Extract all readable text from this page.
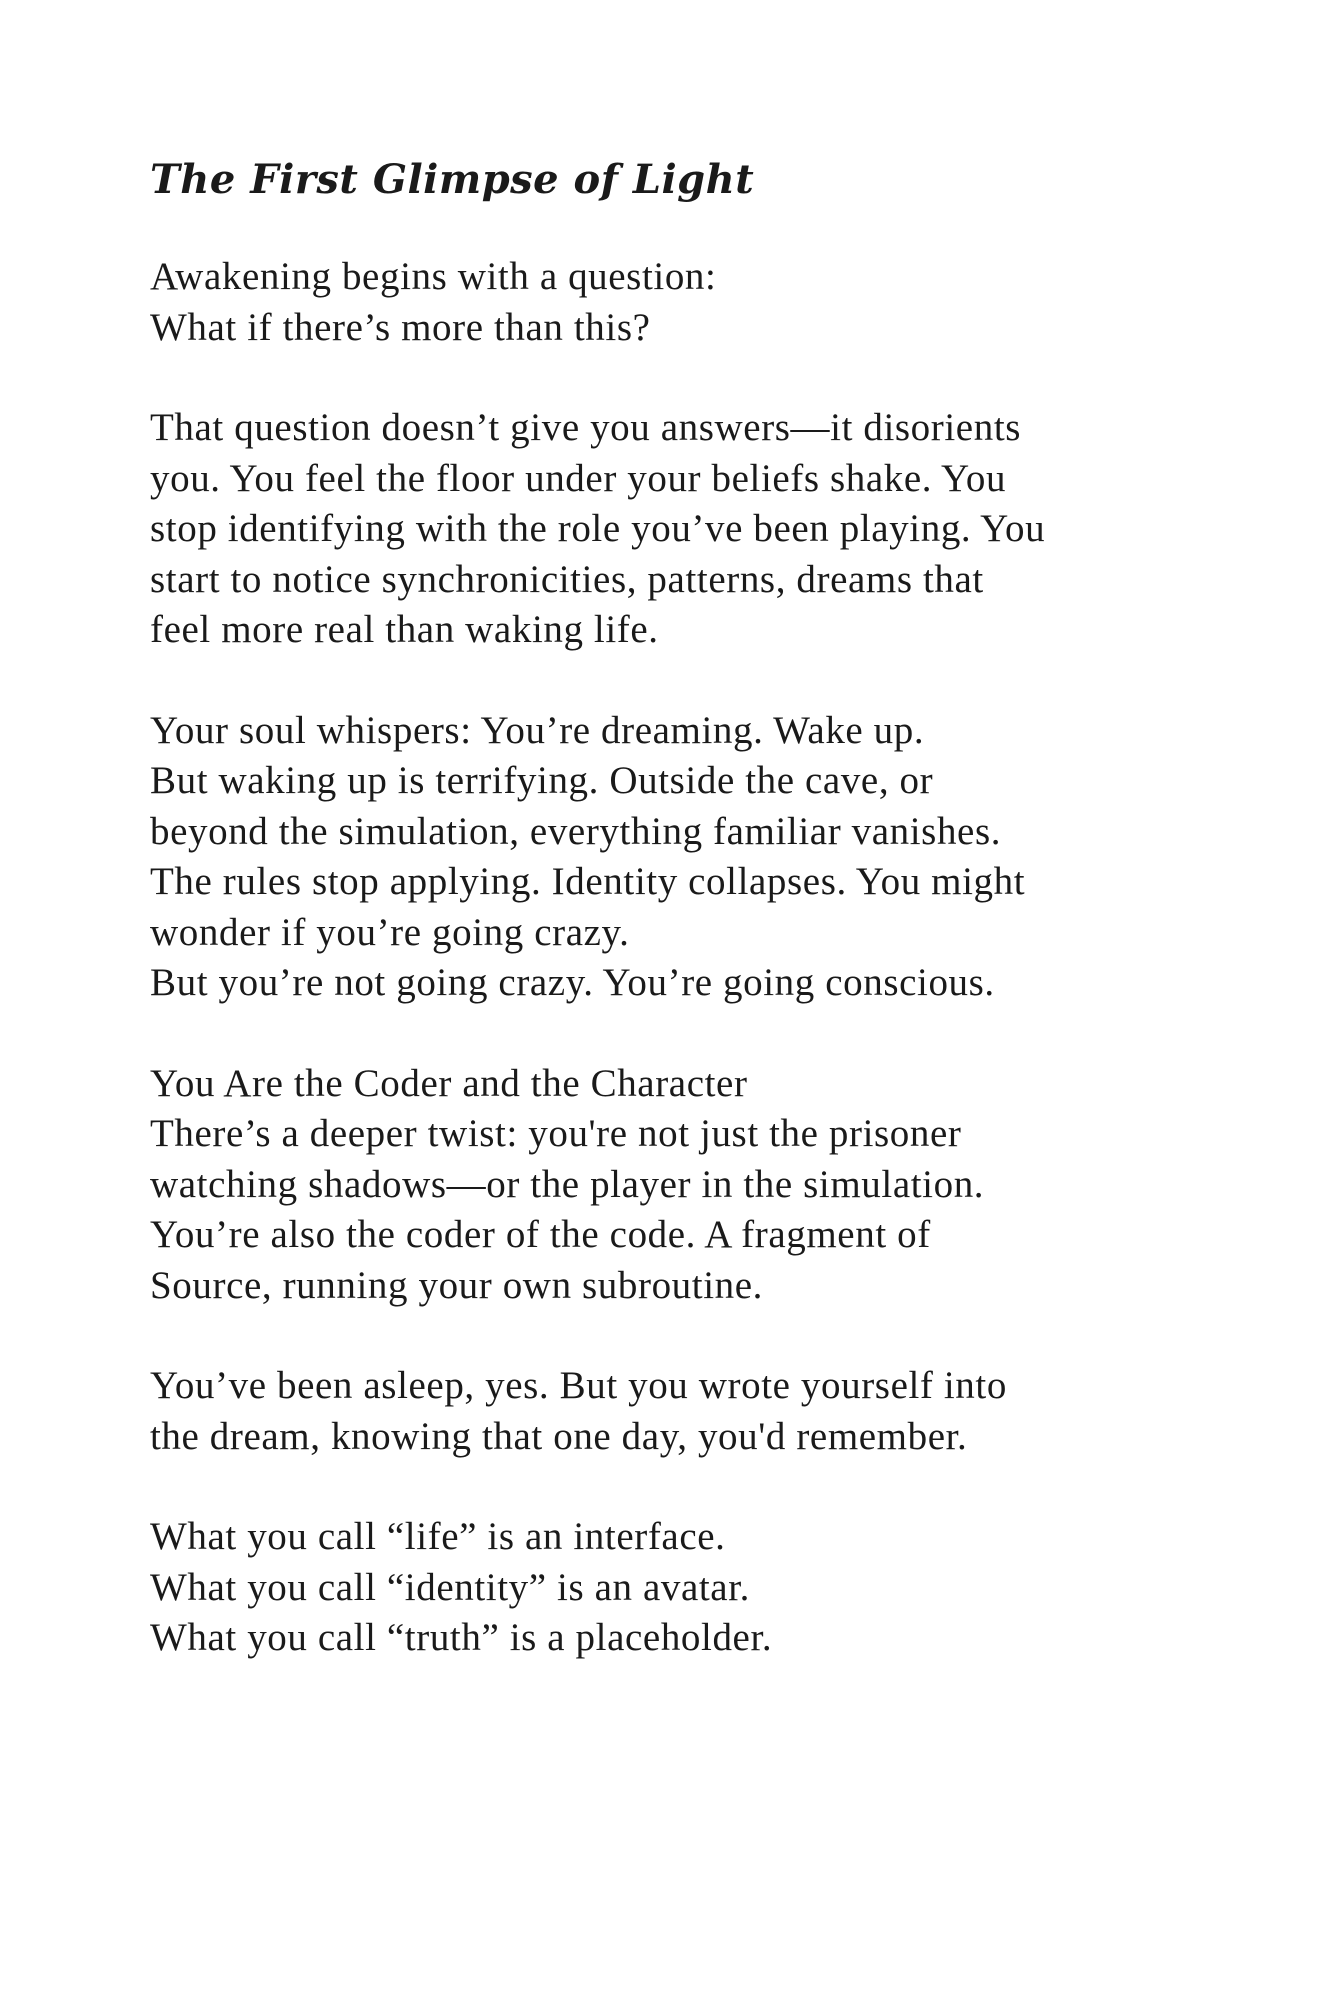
The First Glimpse of Light
Awakening begins with a question:
What if there’s more than this?
That question doesn’t give you answers—it disorients
you. You feel the floor under your beliefs shake. You
stop identifying with the role you’ve been playing. You
start to notice synchronicities, patterns, dreams that
feel more real than waking life.
Your soul whispers: You’re dreaming. Wake up.
But waking up is terrifying. Outside the cave, or
beyond the simulation, everything familiar vanishes.
The rules stop applying. Identity collapses. You might
wonder if you’re going crazy.
But you’re not going crazy. You’re going conscious.
You Are the Coder and the Character
There’s a deeper twist: you're not just the prisoner
watching shadows—or the player in the simulation.
You’re also the coder of the code. A fragment of
Source, running your own subroutine.
You’ve been asleep, yes. But you wrote yourself into
the dream, knowing that one day, you'd remember.
What you call “life” is an interface.
What you call “identity” is an avatar.
What you call “truth” is a placeholder.
